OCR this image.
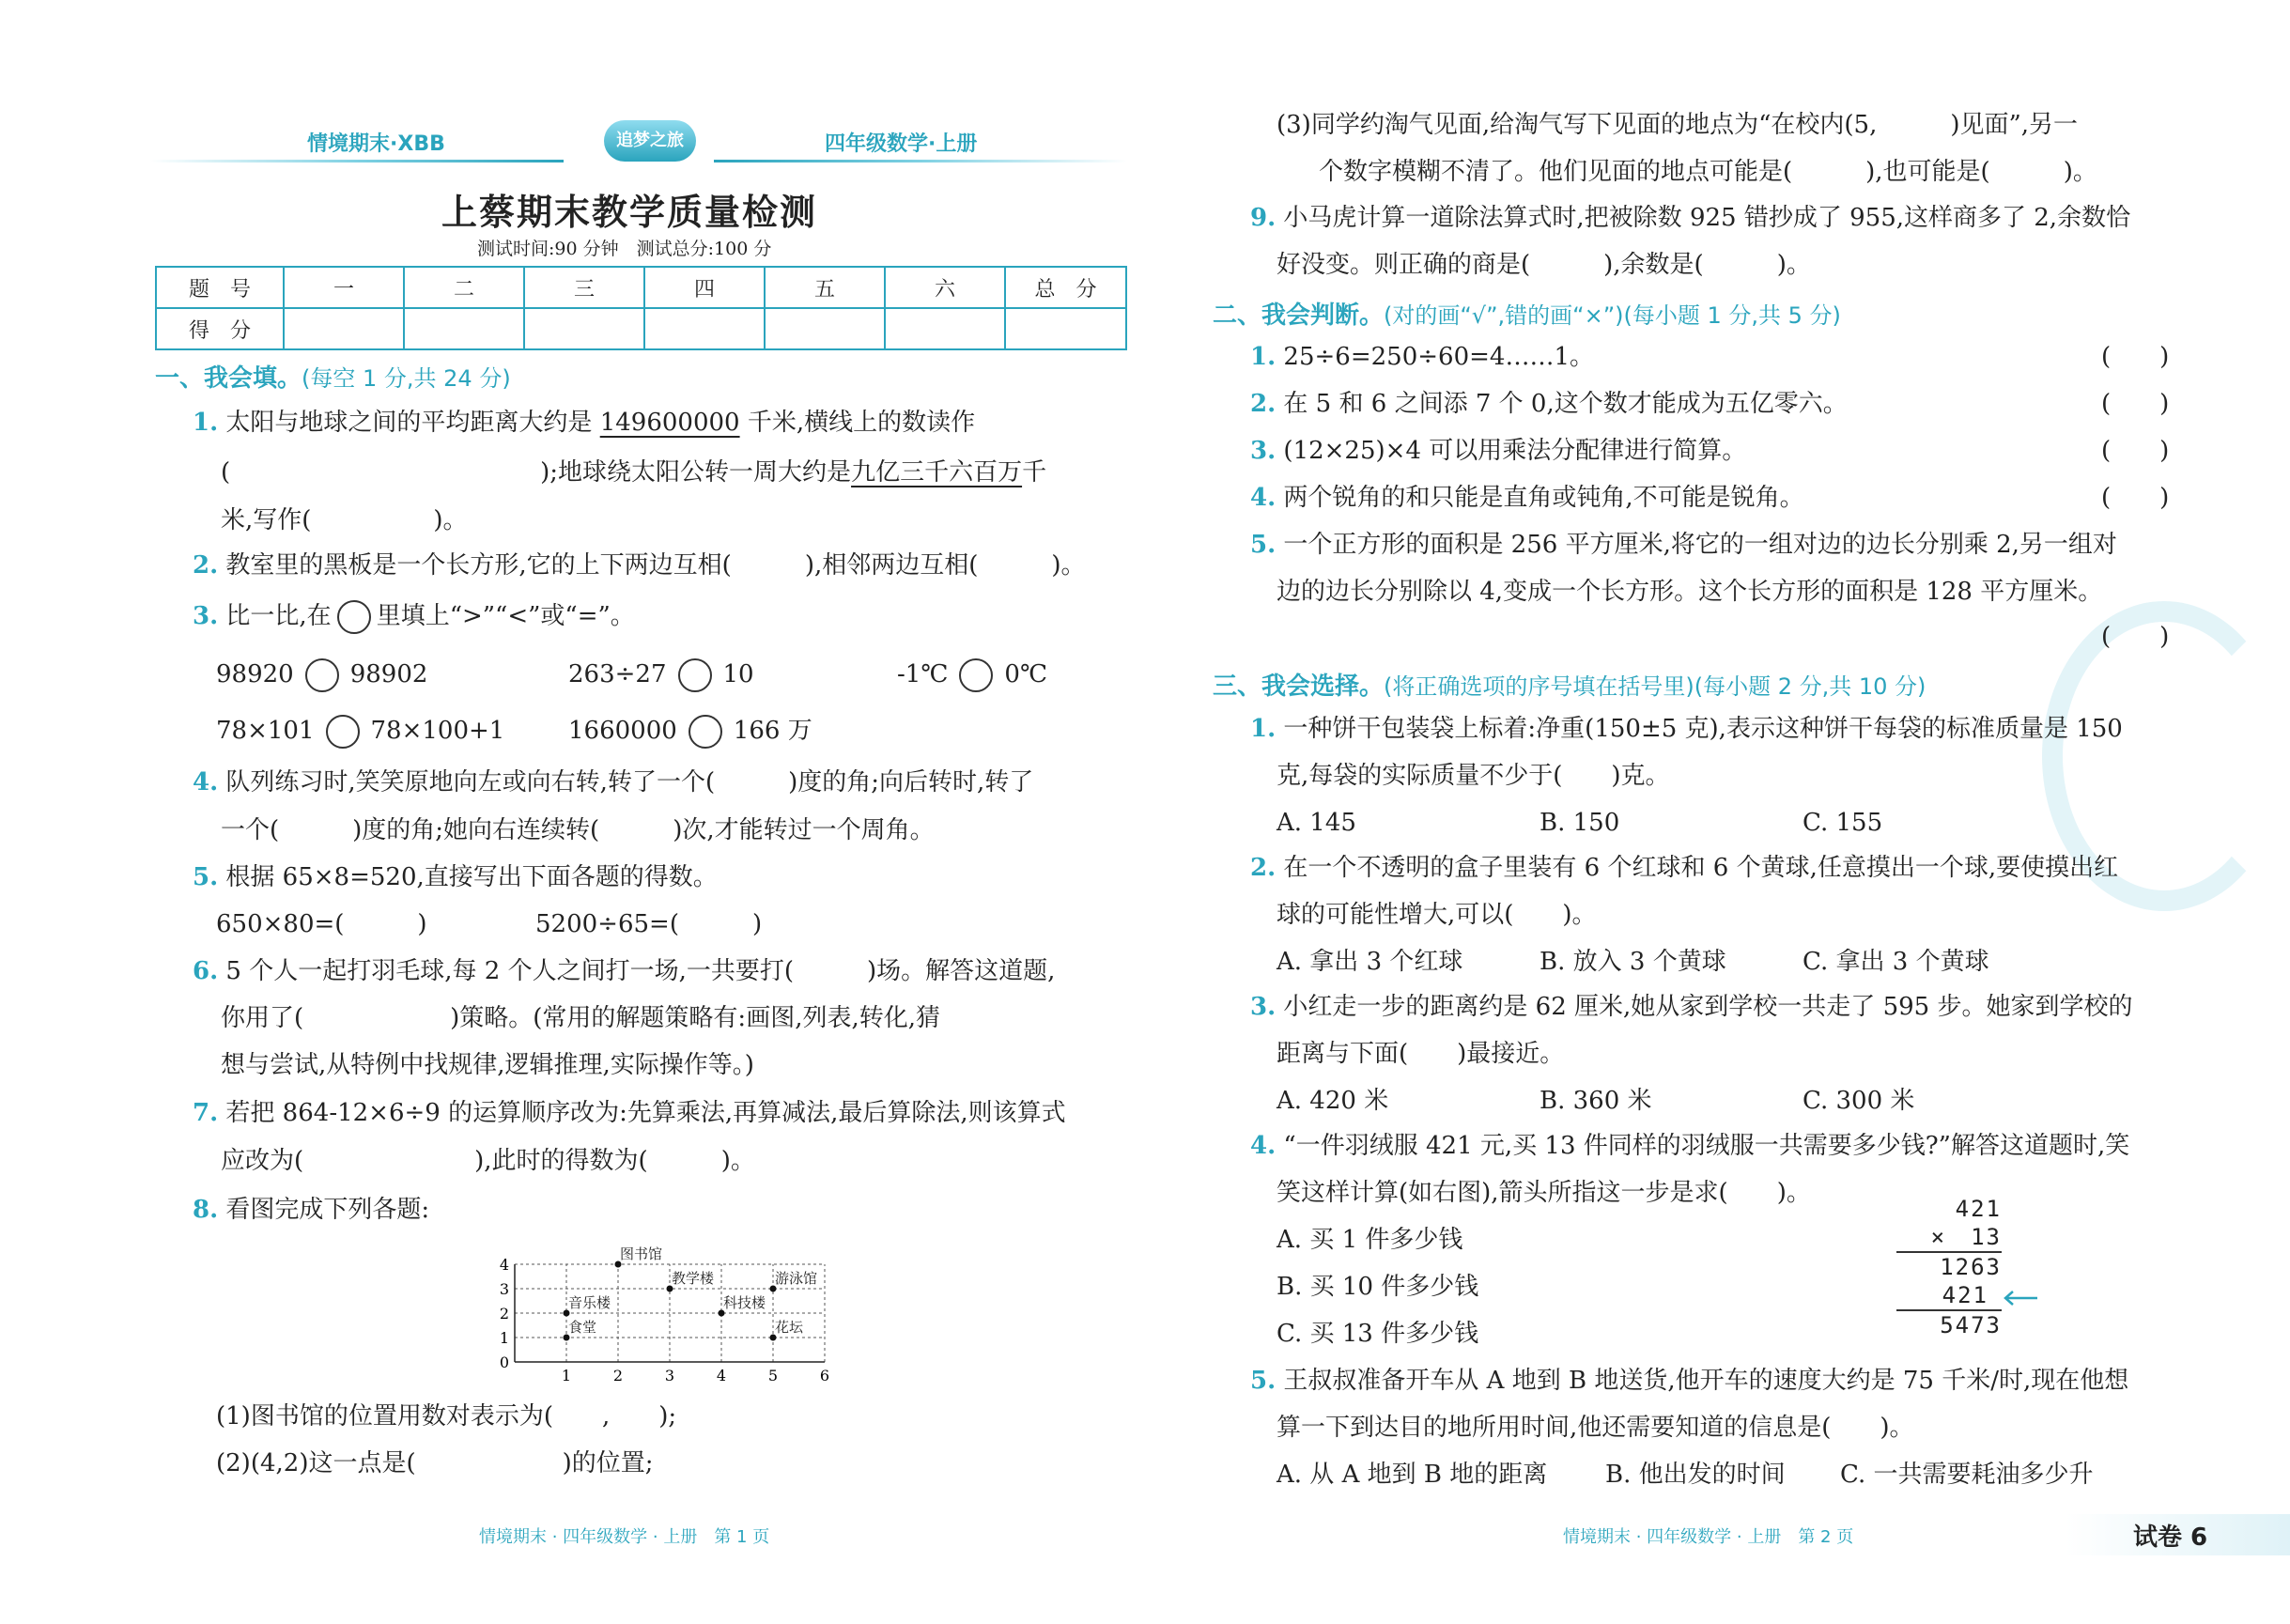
情境期末·XBB	追梦之旅	四年级数学·上册
上蔡期末教学质量检测
测试时间:90 分钟　测试总分:100 分
题　号	一	二	三	四	五	六	总　分
得　分							
一、我会填。(每空 1 分,共 24 分)
1. 太阳与地球之间的平均距离大约是 149600000 千米,横线上的数读作
(	);地球绕太阳公转一周大约是九亿三千六百万千
米,写作(　　　　　)。
2. 教室里的黑板是一个长方形,它的上下两边互相(　　　),相邻两边互相(　　　)。
3. 比一比,在 里填上“>”“<”或“=”。
98920 98902	263÷27 10	-1℃ 0℃
78×101 78×100+1	1660000 166 万
4. 队列练习时,笑笑原地向左或向右转,转了一个(　　　)度的角;向后转时,转了
一个(　　　)度的角;她向右连续转(　　　)次,才能转过一个周角。
5. 根据 65×8=520,直接写出下面各题的得数。
650×80=(　　　)	5200÷65=(　　　)
6. 5 个人一起打羽毛球,每 2 个人之间打一场,一共要打(　　　)场。解答这道题,
你用了(　　　　　　)策略。(常用的解题策略有:画图,列表,转化,猜
想与尝试,从特例中找规律,逻辑推理,实际操作等。)
7. 若把 864-12×6÷9 的运算顺序改为:先算乘法,再算减法,最后算除法,则该算式
应改为(　　　　　　　),此时的得数为(　　　)。
8. 看图完成下列各题:
1	2	3	4	5	6
0
1
2
3
4
图书馆
教学楼	游泳馆
音乐楼	科技楼
食堂	花坛
(1)图书馆的位置用数对表示为(　　,　　);
(2)(4,2)这一点是(　　　　　　)的位置;
情境期末 · 四年级数学 · 上册　第 1 页
(3)同学约淘气见面,给淘气写下见面的地点为“在校内(5,　　　)见面”,另一
个数字模糊不清了。他们见面的地点可能是(　　　),也可能是(　　　)。
9. 小马虎计算一道除法算式时,把被除数 925 错抄成了 955,这样商多了 2,余数恰
好没变。则正确的商是(　　　),余数是(　　　)。
二、我会判断。(对的画“√”,错的画“×”)(每小题 1 分,共 5 分)
1. 25÷6=250÷60=4……1。	(　　)
2. 在 5 和 6 之间添 7 个 0,这个数才能成为五亿零六。	(　　)
3. (12×25)×4 可以用乘法分配律进行简算。	(　　)
4. 两个锐角的和只能是直角或钝角,不可能是锐角。	(　　)
5. 一个正方形的面积是 256 平方厘米,将它的一组对边的边长分别乘 2,另一组对
边的边长分别除以 4,变成一个长方形。这个长方形的面积是 128 平方厘米。
(　　)
三、我会选择。(将正确选项的序号填在括号里)(每小题 2 分,共 10 分)
1. 一种饼干包装袋上标着:净重(150±5 克),表示这种饼干每袋的标准质量是 150
克,每袋的实际质量不少于(　　)克。
A. 145	B. 150	C. 155
2. 在一个不透明的盒子里装有 6 个红球和 6 个黄球,任意摸出一个球,要使摸出红
球的可能性增大,可以(　　)。
A. 拿出 3 个红球	B. 放入 3 个黄球	C. 拿出 3 个黄球
3. 小红走一步的距离约是 62 厘米,她从家到学校一共走了 595 步。她家到学校的
距离与下面(　　)最接近。
A. 420 米	B. 360 米	C. 300 米
4. “一件羽绒服 421 元,买 13 件同样的羽绒服一共需要多少钱?”解答这道题时,笑
笑这样计算(如右图),箭头所指这一步是求(　　)。
A. 买 1 件多少钱
B. 买 10 件多少钱
C. 买 13 件多少钱
421
×　13
1263
421
5473
5. 王叔叔准备开车从 A 地到 B 地送货,他开车的速度大约是 75 千米/时,现在他想
算一下到达目的地所用时间,他还需要知道的信息是(　　)。
A. 从 A 地到 B 地的距离 B. 他出发的时间 C. 一共需要耗油多少升
情境期末 · 四年级数学 · 上册　第 2 页	试卷 6
